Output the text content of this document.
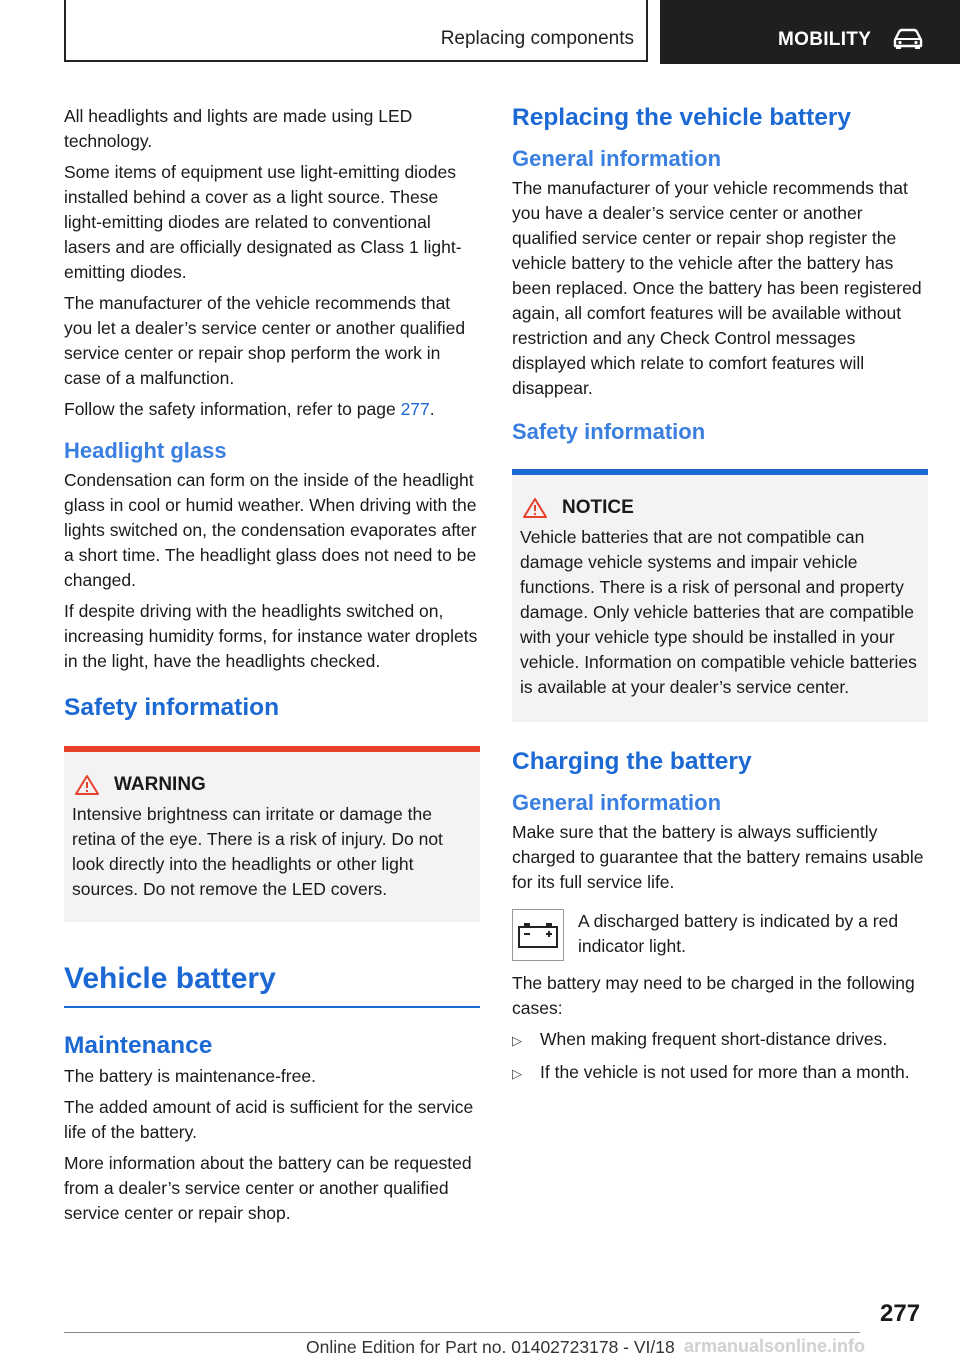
Replacing components	MOBILITY

All headlights and lights are made using LED technology.

Some items of equipment use light-emitting diodes installed behind a cover as a light source. These light-emitting diodes are related to conventional lasers and are officially designated as Class 1 light-emitting diodes.

The manufacturer of the vehicle recommends that you let a dealer’s service center or another qualified service center or repair shop perform the work in case of a malfunction.

Follow the safety information, refer to page 277.

Headlight glass

Condensation can form on the inside of the headlight glass in cool or humid weather. When driving with the lights switched on, the condensation evaporates after a short time. The headlight glass does not need to be changed.

If despite driving with the headlights switched on, increasing humidity forms, for instance water droplets in the light, have the headlights checked.

Safety information
WARNING

Intensive brightness can irritate or damage the retina of the eye. There is a risk of injury. Do not look directly into the headlights or other light sources. Do not remove the LED covers.

Vehicle battery
Maintenance

The battery is maintenance-free.

The added amount of acid is sufficient for the service life of the battery.

More information about the battery can be requested from a dealer’s service center or another qualified service center or repair shop.

Replacing the vehicle battery
General information

The manufacturer of your vehicle recommends that you have a dealer’s service center or another qualified service center or repair shop register the vehicle battery to the vehicle after the battery has been replaced. Once the battery has been registered again, all comfort features will be available without restriction and any Check Control messages displayed which relate to comfort features will disappear.

Safety information
NOTICE

Vehicle batteries that are not compatible can damage vehicle systems and impair vehicle functions. There is a risk of personal and property damage. Only vehicle batteries that are compatible with your vehicle type should be installed in your vehicle. Information on compatible vehicle batteries is available at your dealer’s service center.

Charging the battery
General information

Make sure that the battery is always sufficiently charged to guarantee that the battery remains usable for its full service life.

A discharged battery is indicated by a red indicator light.

The battery may need to be charged in the following cases:

▷	When making frequent short-distance drives.
▷	If the vehicle is not used for more than a month.
277
Online Edition for Part no. 01402723178 - VI/18 armanualsonline.info
